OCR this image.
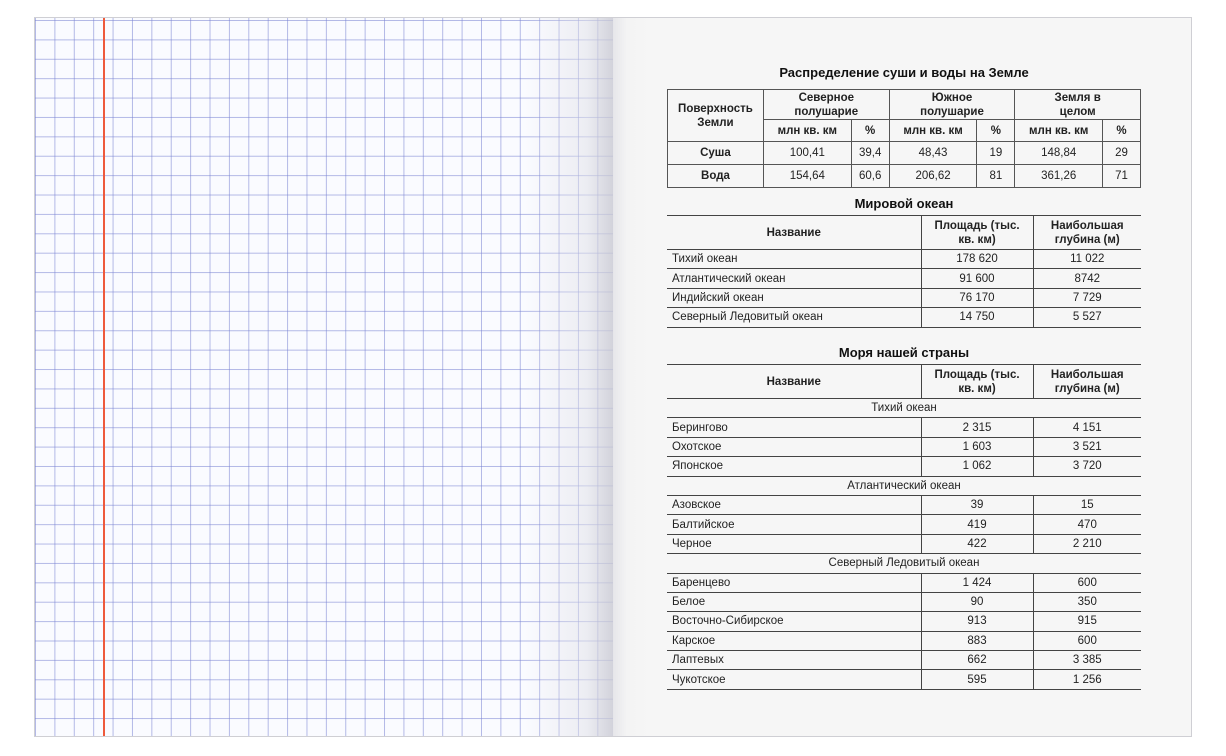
Распределение суши и воды на Земле
Поверхность Земли	Северное полушарие		Южное полушарие		Земля в целом	
	млн кв. км	%	млн кв. км	%	млн кв. км	%
Суша	100,41	39,4	48,43	19	148,84	29
Вода	154,64	60,6	206,62	81	361,26	71
Мировой океан
Название	Площадь (тыс. кв. км)	Наибольшая глубина (м)
Тихий океан	178 620	11 022
Атлантический океан	91 600	8742
Индийский океан	76 170	7 729
Северный Ледовитый океан	14 750	5 527
Моря нашей страны
Название	Площадь (тыс. кв. км)	Наибольшая глубина (м)
Тихий океан		
Берингово	2 315	4 151
Охотское	1 603	3 521
Японское	1 062	3 720
Атлантический океан		
Азовское	39	15
Балтийское	419	470
Черное	422	2 210
Северный Ледовитый океан		
Баренцево	1 424	600
Белое	90	350
Восточно-Сибирское	913	915
Карское	883	600
Лаптевых	662	3 385
Чукотское	595	1 256
